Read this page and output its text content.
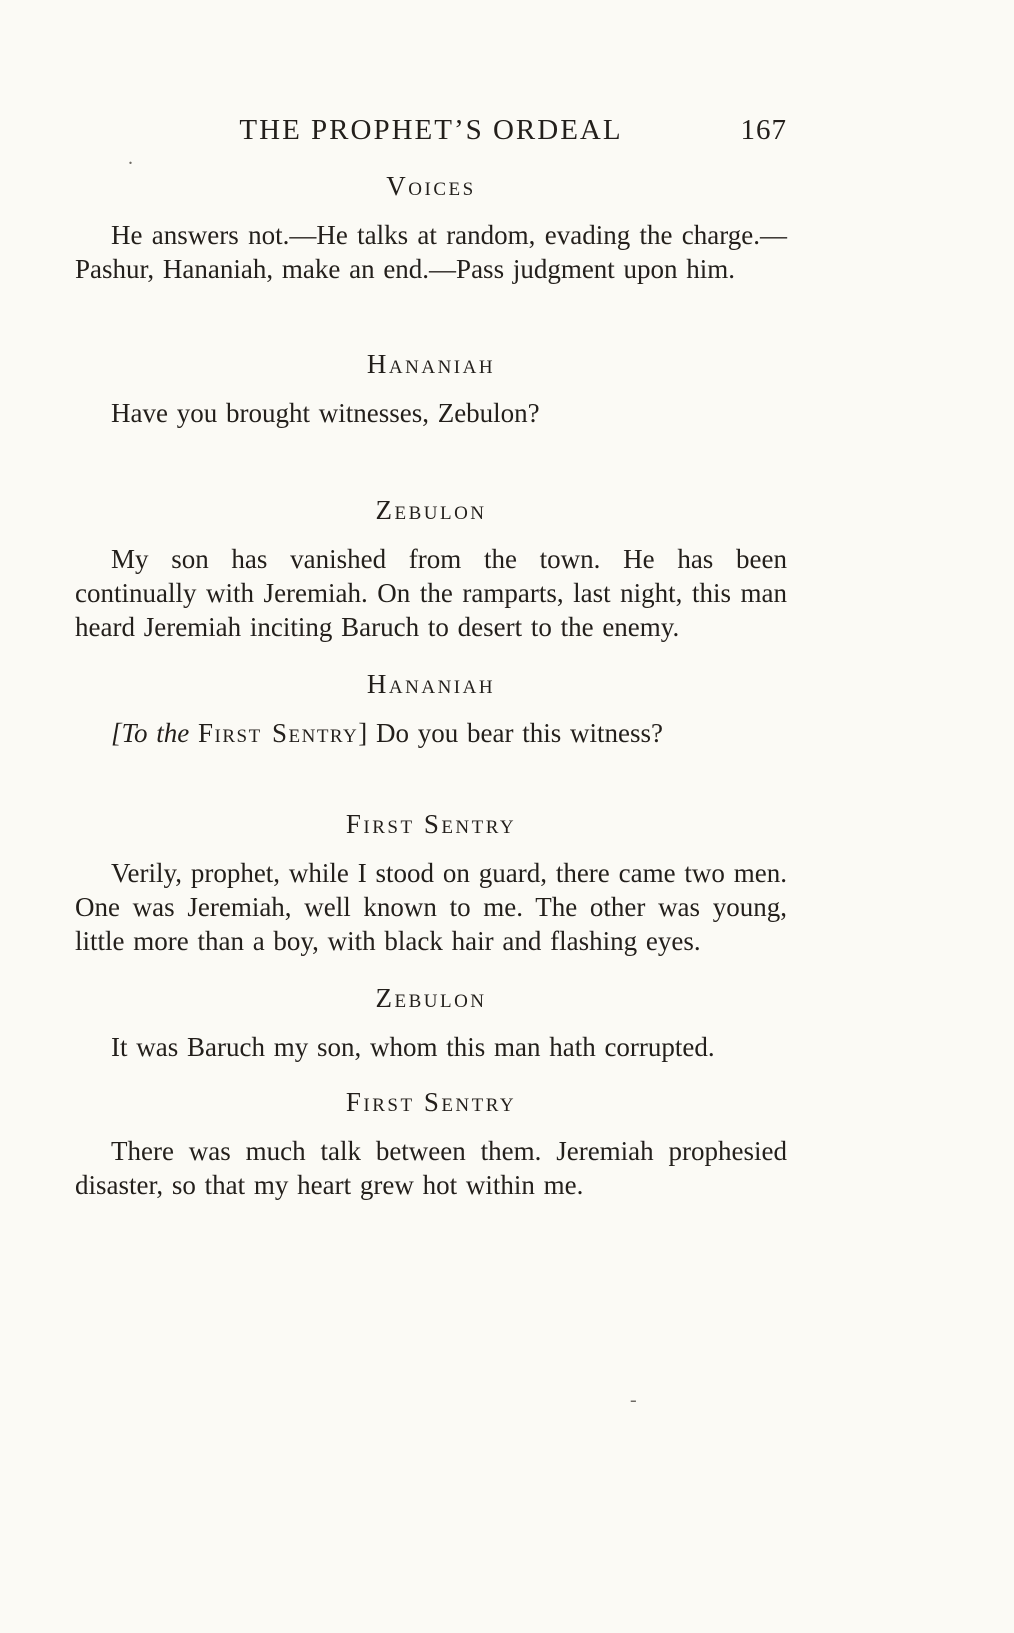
.
THE PROPHET’S ORDEAL	167
Voices

He answers not.—He talks at random, evading the charge.—Pashur, Hananiah, make an end.—Pass judgment upon him.

Hananiah

Have you brought witnesses, Zebulon?

Zebulon

My son has vanished from the town. He has been continually with Jeremiah. On the ramparts, last night, this man heard Jeremiah inciting Baruch to desert to the enemy.

Hananiah

[To the First Sentry] Do you bear this witness?

First Sentry

Verily, prophet, while I stood on guard, there came two men. One was Jeremiah, well known to me. The other was young, little more than a boy, with black hair and flashing eyes.

Zebulon

It was Baruch my son, whom this man hath corrupted.

First Sentry

There was much talk between them. Jeremiah prophesied disaster, so that my heart grew hot within me.

-
